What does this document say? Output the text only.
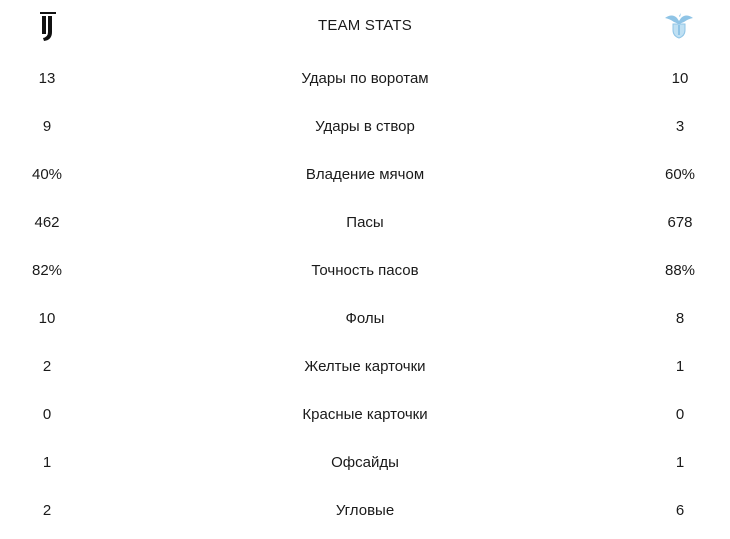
TEAM STATS
13	Удары по воротам	10
9	Удары в створ	3
40%	Владение мячом	60%
462	Пасы	678
82%	Точность пасов	88%
10	Фолы	8
2	Желтые карточки	1
0	Красные карточки	0
1	Офсайды	1
2	Угловые	6
